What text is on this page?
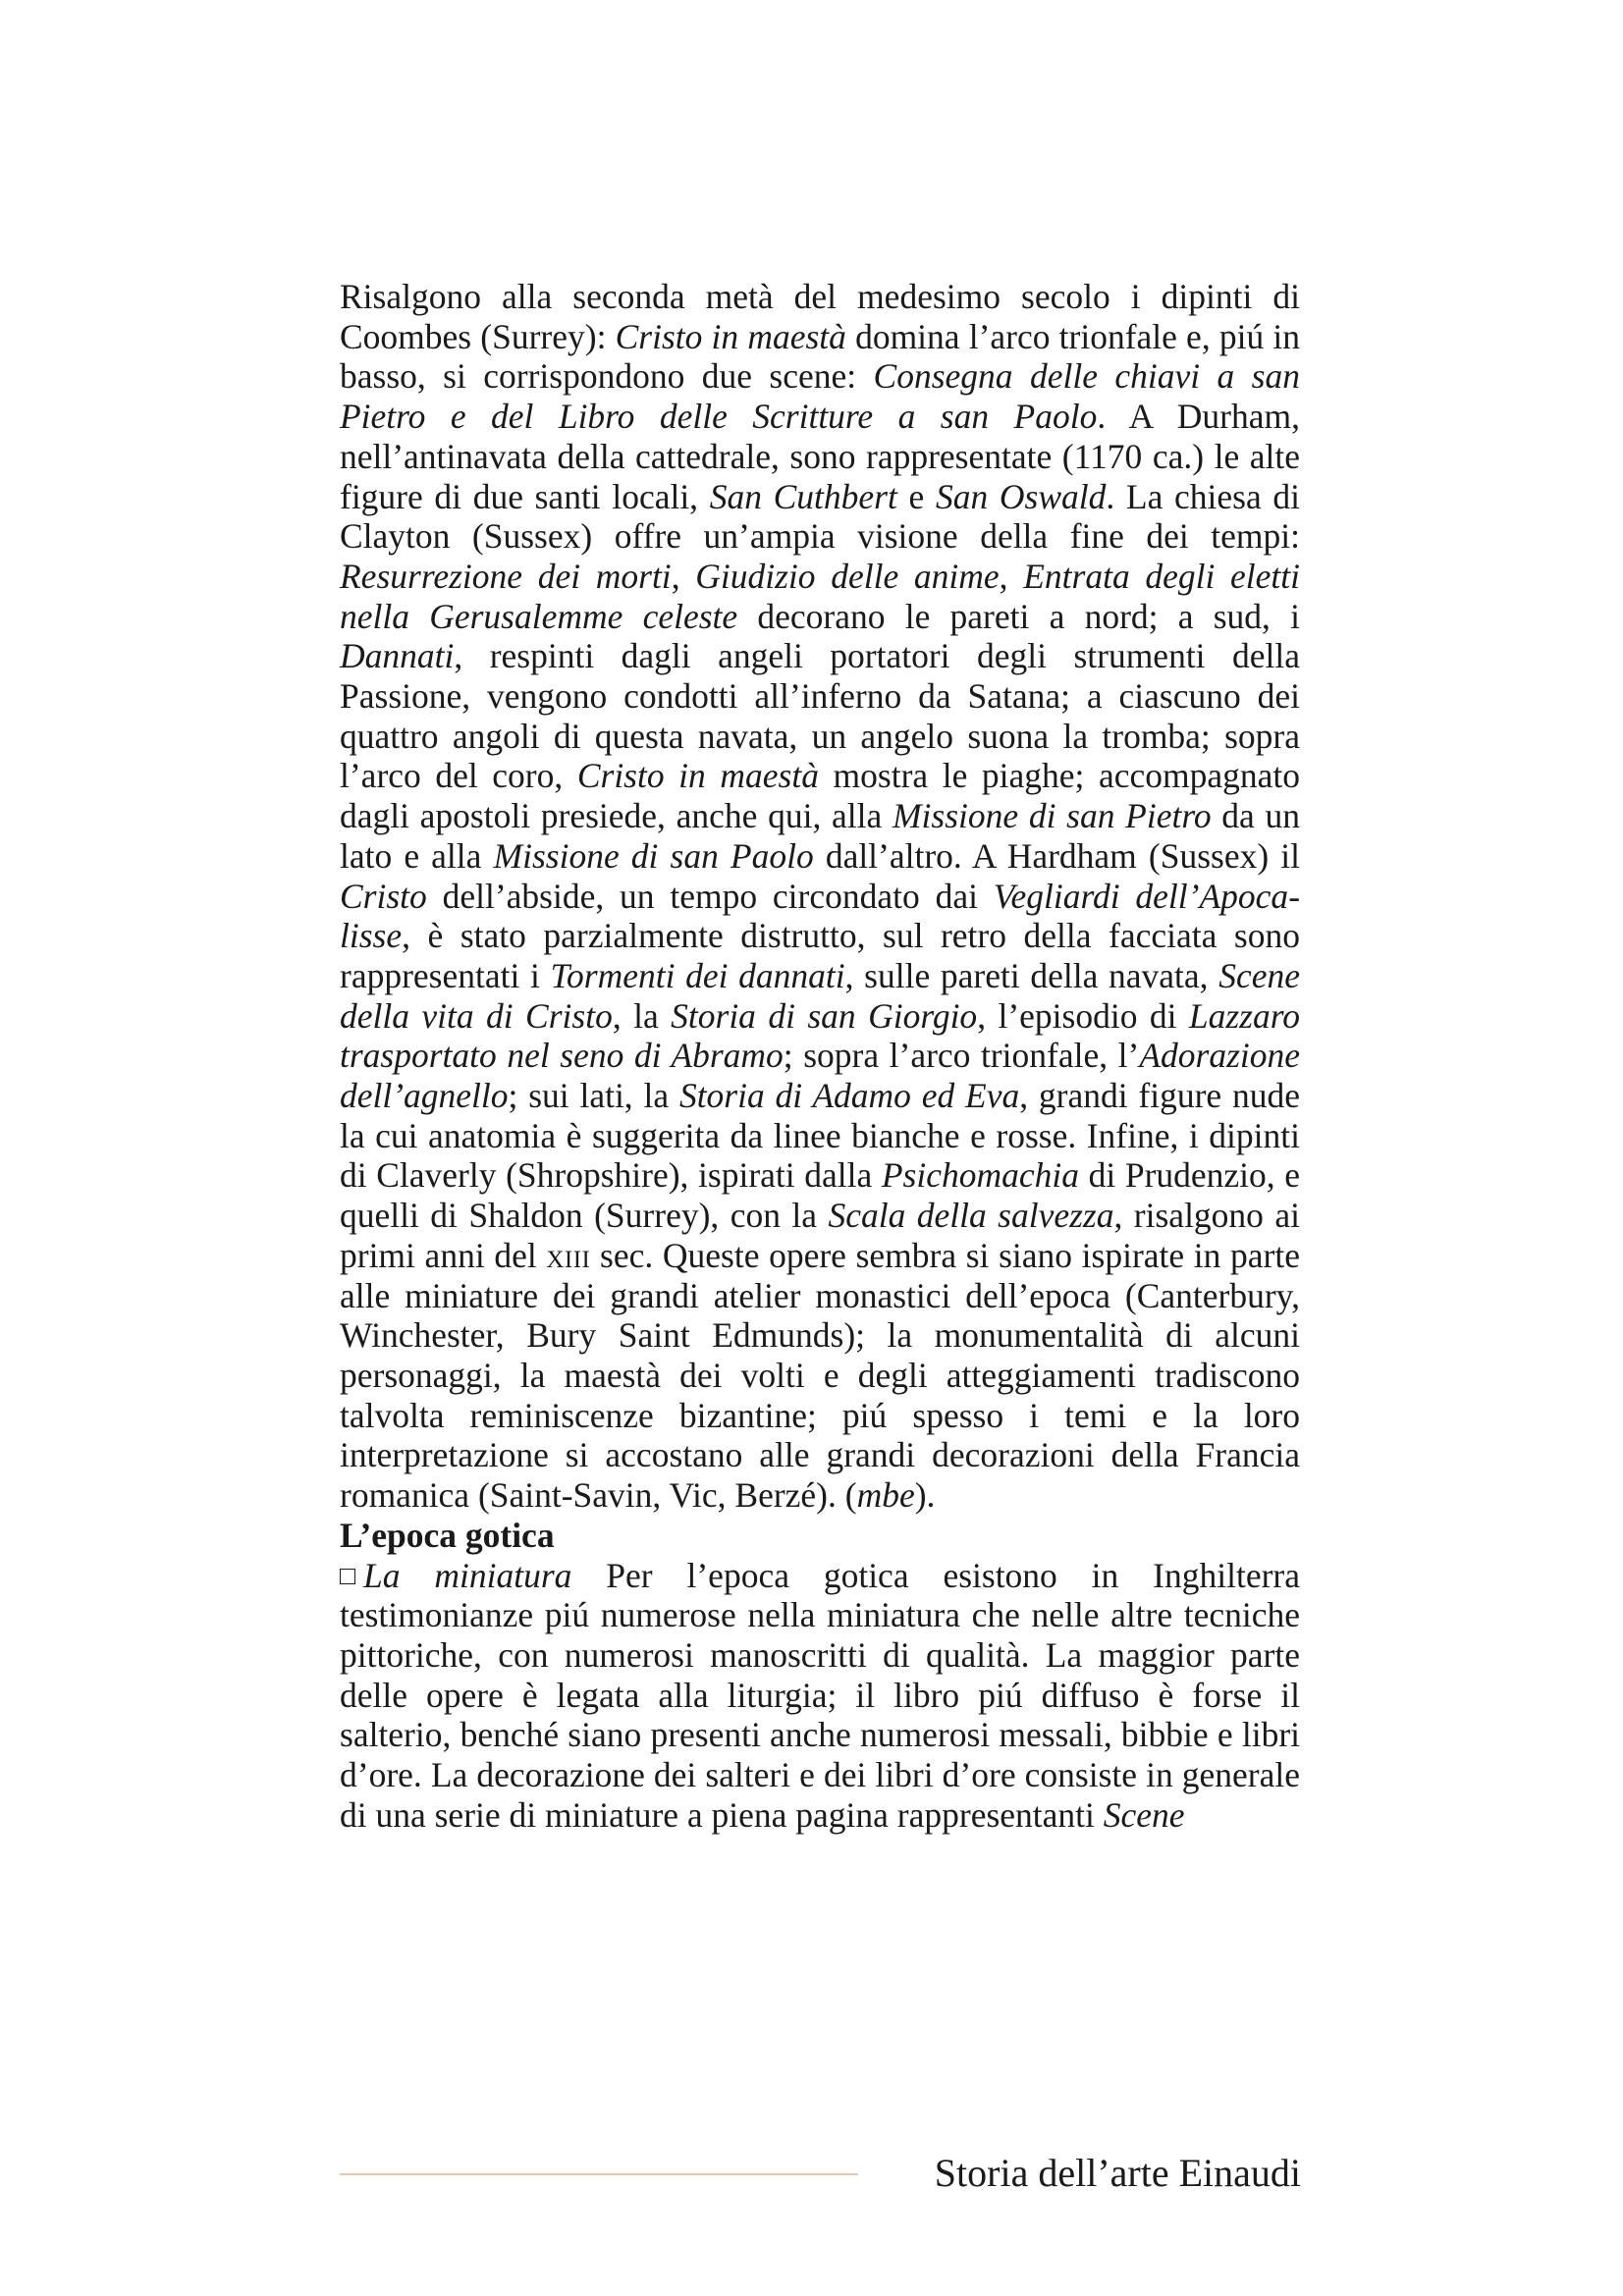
Risalgono alla seconda metà del medesimo secolo i dipinti di Coombes (Surrey): Cristo in maestà domina l’arco trionfale e, piú in basso, si corrispondono due scene: Consegna delle chiavi a san Pietro e del Libro delle Scritture a san Paolo. A Durham, nell’antinavata della cattedrale, sono rappresentate (1170 ca.) le alte figure di due santi locali, San Cuthbert e San Oswald. La chiesa di Clayton (Sussex) offre un’ampia visione della fine dei tempi: Resurrezione dei morti, Giudizio delle anime, Entrata degli eletti nella Gerusalemme celeste decorano le pareti a nord; a sud, i Dannati, respinti dagli angeli portatori degli strumenti della Passione, vengono condotti all’inferno da Satana; a ciascuno dei quattro angoli di questa navata, un angelo suona la tromba; sopra l’arco del coro, Cristo in maestà mostra le piaghe; accompagnato dagli apostoli presiede, anche qui, alla Missione di san Pietro da un lato e alla Missione di san Paolo dall’altro. A Hardham (Sussex) il Cristo dell’abside, un tempo circondato dai Vegliardi dell’Apocalisse, è stato parzialmente distrutto, sul retro della facciata sono rappresentati i Tormenti dei dannati, sulle pareti della navata, Scene della vita di Cristo, la Storia di san Giorgio, l’episodio di Lazzaro trasportato nel seno di Abramo; sopra l’arco trionfale, l’Adorazione dell’agnello; sui lati, la Storia di Adamo ed Eva, grandi figure nude la cui anatomia è suggerita da linee bianche e rosse. Infine, i dipinti di Claverly (Shropshire), ispirati dalla Psichomachia di Prudenzio, e quelli di Shaldon (Surrey), con la Scala della salvezza, risalgono ai primi anni del xiii sec. Queste opere sembra si siano ispirate in parte alle miniature dei grandi atelier monastici dell’epoca (Canterbury, Winchester, Bury Saint Edmunds); la monumentalità di alcuni personaggi, la maestà dei volti e degli atteggiamenti tradiscono talvolta reminiscenze bizantine; piú spesso i temi e la loro interpretazione si accostano alle grandi decorazioni della Francia romanica (Saint-Savin, Vic, Berzé). (mbe).

L’epoca gotica

La miniatura Per l’epoca gotica esistono in Inghilterra testimonianze piú numerose nella miniatura che nelle altre tecniche pittoriche, con numerosi manoscritti di qualità. La maggior parte delle opere è legata alla liturgia; il libro piú diffuso è forse il salterio, benché siano presenti anche numerosi messali, bibbie e libri d’ore. La decorazione dei salteri e dei libri d’ore consiste in generale di una serie di miniature a piena pagina rappresentanti Scene

Storia dell’arte Einaudi
